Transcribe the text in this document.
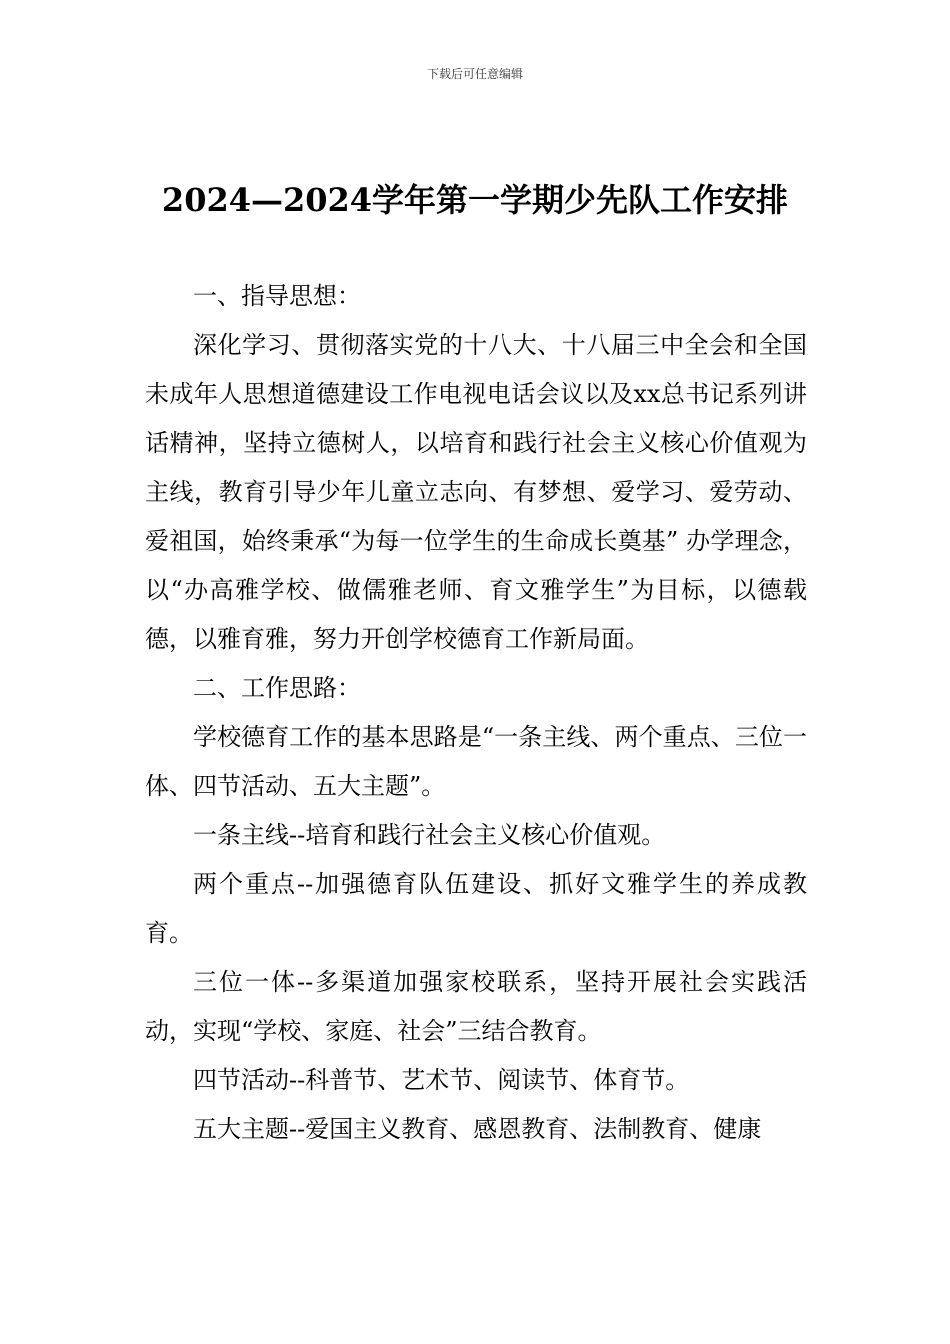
下载后可任意编辑
2024—2024学年第一学期少先队工作安排

一、指导思想：

深化学习、贯彻落实党的十八大、十八届三中全会和全国未成年人思想道德建设工作电视电话会议以及xx总书记系列讲话精神，坚持立德树人，以培育和践行社会主义核心价值观为主线，教育引导少年儿童立志向、有梦想、爱学习、爱劳动、爱祖国，始终秉承“为每一位学生的生命成长奠基” 办学理念，以“办高雅学校、做儒雅老师、育文雅学生”为目标，以德载德，以雅育雅，努力开创学校德育工作新局面。

二、工作思路：

学校德育工作的基本思路是“一条主线、两个重点、三位一体、四节活动、五大主题”。

一条主线--培育和践行社会主义核心价值观。

两个重点--加强德育队伍建设、抓好文雅学生的养成教育。

三位一体--多渠道加强家校联系，坚持开展社会实践活动，实现“学校、家庭、社会”三结合教育。

四节活动--科普节、艺术节、阅读节、体育节。

五大主题--爱国主义教育、感恩教育、法制教育、健康
